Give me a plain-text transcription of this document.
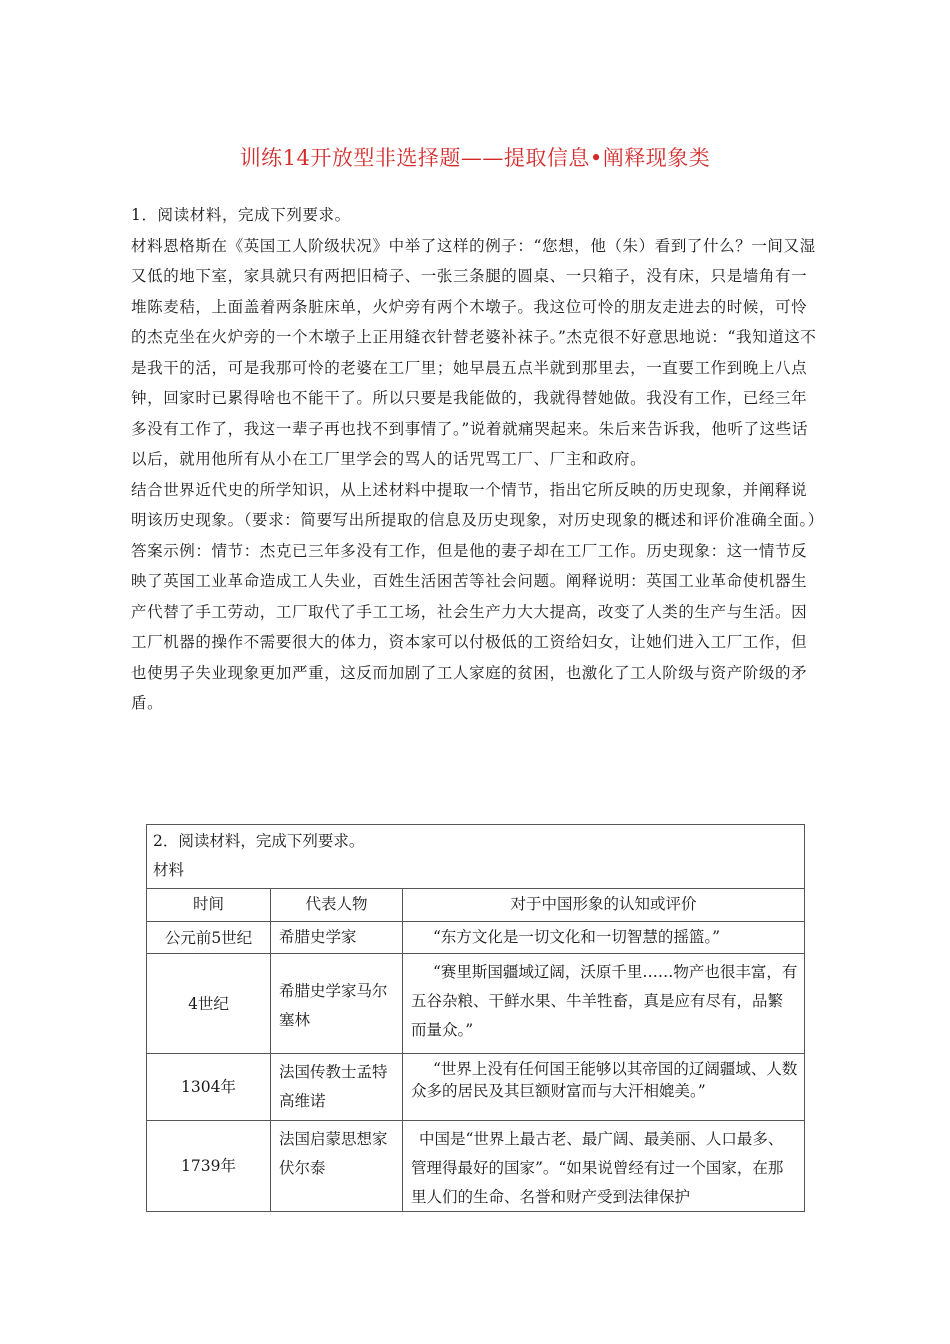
训练14开放型非选择题——提取信息•阐释现象类

1．阅读材料，完成下列要求。

材料恩格斯在《英国工人阶级状况》中举了这样的例子：“您想，他（朱）看到了什么？一间又湿又低的地下室，家具就只有两把旧椅子、一张三条腿的圆桌、一只箱子，没有床，只是墙角有一堆陈麦秸，上面盖着两条脏床单，火炉旁有两个木墩子。我这位可怜的朋友走进去的时候，可怜的杰克坐在火炉旁的一个木墩子上正用缝衣针替老婆补袜子。”杰克很不好意思地说：“我知道这不是我干的活，可是我那可怜的老婆在工厂里；她早晨五点半就到那里去，一直要工作到晚上八点钟，回家时已累得啥也不能干了。所以只要是我能做的，我就得替她做。我没有工作，已经三年多没有工作了，我这一辈子再也找不到事情了。”说着就痛哭起来。朱后来告诉我，他听了这些话以后，就用他所有从小在工厂里学会的骂人的话咒骂工厂、厂主和政府。

结合世界近代史的所学知识，从上述材料中提取一个情节，指出它所反映的历史现象，并阐释说明该历史现象。（要求：简要写出所提取的信息及历史现象，对历史现象的概述和评价准确全面。）

答案示例：情节：杰克已三年多没有工作，但是他的妻子却在工厂工作。历史现象：这一情节反映了英国工业革命造成工人失业，百姓生活困苦等社会问题。阐释说明：英国工业革命使机器生产代替了手工劳动，工厂取代了手工工场，社会生产力大大提高，改变了人类的生产与生活。因工厂机器的操作不需要很大的体力，资本家可以付极低的工资给妇女，让她们进入工厂工作，但也使男子失业现象更加严重，这反而加剧了工人家庭的贫困，也激化了工人阶级与资产阶级的矛盾。

2．阅读材料，完成下列要求。
材料		

时间	代表人物	对于中国形象的认知或评价

公元前5世纪	希腊史学家	“东方文化是一切文化和一切智慧的摇篮。”
4世纪	希腊史学家马尔塞林	“赛里斯国疆域辽阔，沃原千里……物产也很丰富，有五谷杂粮、干鲜水果、牛羊牲畜，真是应有尽有，品繁而量众。”
1304年	法国传教士孟特高维诺	“世界上没有任何国王能够以其帝国的辽阔疆域、人数众多的居民及其巨额财富而与大汗相媲美。”

1739年	法国启蒙思想家伏尔泰	中国是“世界上最古老、最广阔、最美丽、人口最多、管理得最好的国家”。“如果说曾经有过一个国家，在那里人们的生命、名誉和财产受到法律保护
